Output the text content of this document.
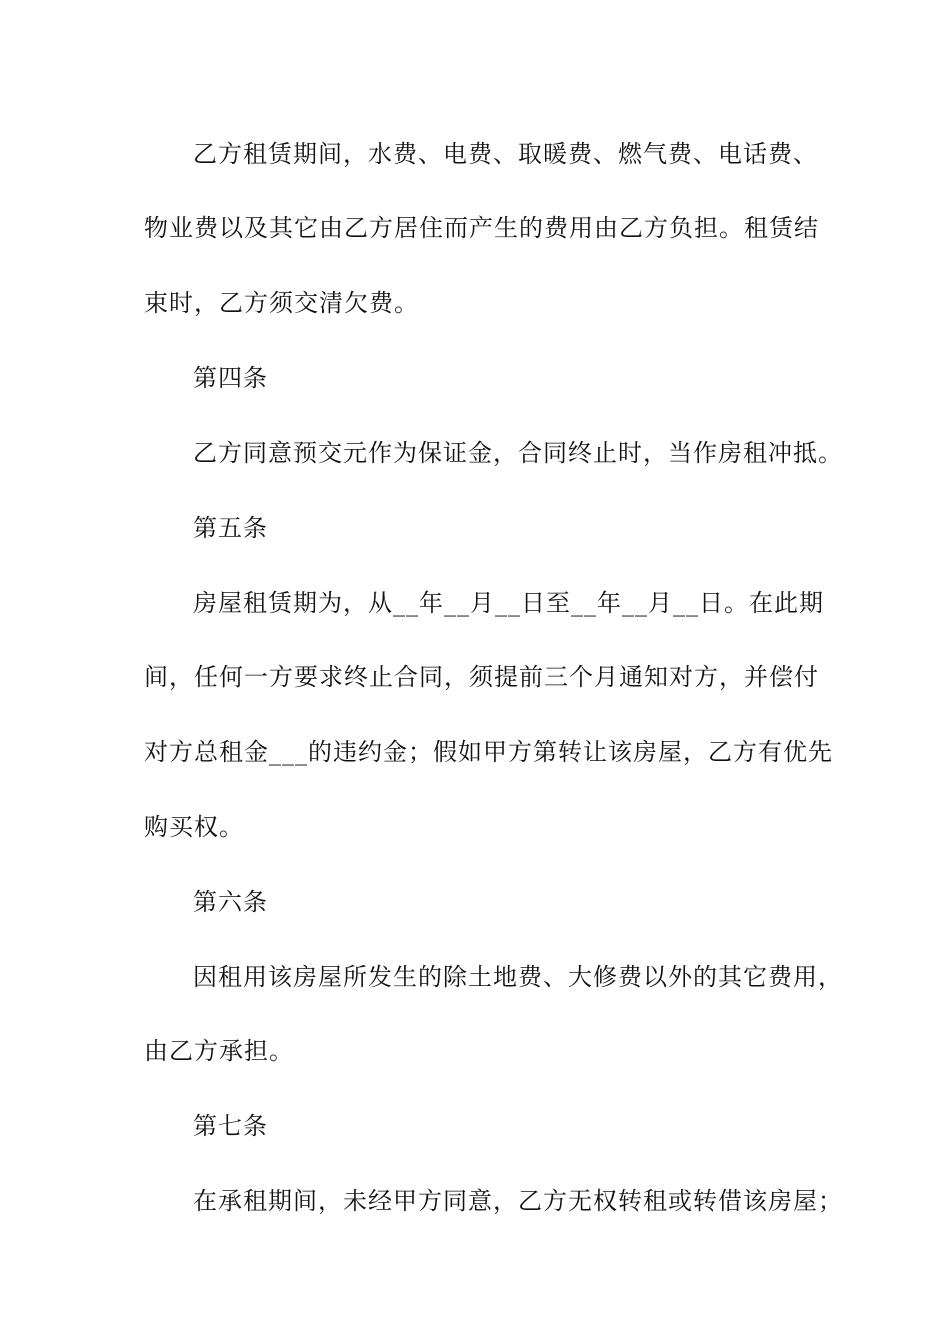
乙方租赁期间，水费、电费、取暖费、燃气费、电话费、
物业费以及其它由乙方居住而产生的费用由乙方负担。租赁结
束时，乙方须交清欠费。
第四条
乙方同意预交元作为保证金，合同终止时，当作房租冲抵。
第五条
房屋租赁期为，从__年__月__日至__年__月__日。在此期
间，任何一方要求终止合同，须提前三个月通知对方，并偿付
对方总租金___的违约金；假如甲方第转让该房屋，乙方有优先
购买权。
第六条
因租用该房屋所发生的除土地费、大修费以外的其它费用，
由乙方承担。
第七条
在承租期间，未经甲方同意，乙方无权转租或转借该房屋；
